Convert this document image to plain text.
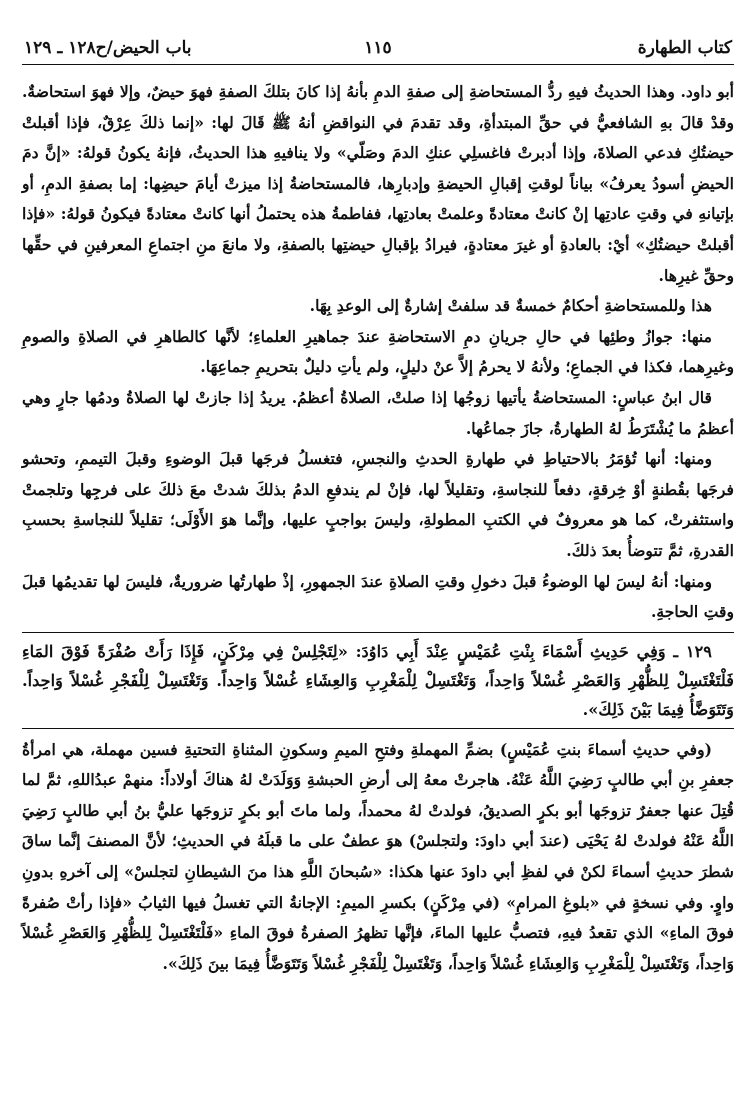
كتاب الطهارة
١١٥
باب الحيض/ح١٢٨ ـ ١٢٩

أبو داود. وهذا الحديثُ فيهِ ردُّ المستحاضةِ إلى صفةِ الدمِ بأنهُ إذا كانَ بتلكَ الصفةِ فهوَ حيضٌ، وإلا فهوَ استحاضةٌ. وقدْ قالَ بهِ الشافعيُّ في حقِّ المبتدأةِ، وقد تقدمَ في النواقضِ أنهُ ﷺ قَالَ لها: «إنما ذلكَ عِرْقٌ، فإذا أقبلتْ حيضتُكِ فدعي الصلاةَ، وإذا أدبرتْ فاغسلِي عنكِ الدمَ وصَلّي» ولا ينافيهِ هذا الحديثُ، فإنهُ يكونُ قولهُ: «إنَّ دمَ الحيضِ أسودُ يعرفُ» بياناً لوقتِ إقبالِ الحيضةِ وإدبارِها، فالمستحاضةُ إذا ميزتْ أيامَ حيضِها: إما بصفةِ الدمِ، أو بإتيانهِ في وقتِ عادتِها إنْ كانتْ معتادةً وعلمتْ بعادتِها، ففاطمةُ هذه يحتملُ أنها كانتْ معتادةً فيكونُ قولهُ: «فإذا أقبلتْ حيضتُكِ» أيْ: بالعادةِ أو غيرَ معتادةٍ، فيرادُ بإقبالِ حيضتِها بالصفةِ، ولا مانعَ منِ اجتماعِ المعرفينِ في حقِّها وحقِّ غيرِها.

هذا وللمستحاضةِ أحكامٌ خمسةٌ قد سلفتْ إشارةٌ إلى الوعدِ بِهَا.

منها: جوازُ وطئِها في حالِ جريانِ دمِ الاستحاضةِ عندَ جماهيرِ العلماءِ؛ لأنَّها كالطاهرِ في الصلاةِ والصومِ وغيرِهما، فكذا في الجماعِ؛ ولأنهُ لا يحرمُ إلاَّ عنْ دليلٍ، ولم يأتِ دليلٌ بتحريمِ جماعِهَا.

قال ابنُ عباسٍ: المستحاضةُ يأتيها زوجُها إذا صلتْ، الصلاةُ أعظمُ. يريدُ إذا جازتْ لها الصلاةُ ودمُها جارٍ وهي أعظمُ ما يُشْتَرَطُ لهُ الطهارةُ، جازَ جماعُها.

ومنها: أنها تُؤمَرُ بالاحتياطِ في طهارةِ الحدثِ والنجسِ، فتغسلُ فرجَها قبلَ الوضوءِ وقبلَ التيممِ، وتحشو فرجَها بقُطنةٍ أوْ خِرقةٍ، دفعاً للنجاسةِ، وتقليلاً لها، فإنْ لم يندفعِ الدمُ بذلكَ شدتْ معَ ذلكَ على فرجِها وتلجمتْ واستثفرتْ، كما هو معروفٌ في الكتبِ المطولةِ، وليسَ بواجبٍ عليها، وإنَّما هوَ الأَوْلَى؛ تقليلاً للنجاسةِ بحسبِ القدرةِ، ثمَّ تتوضأُ بعدَ ذلكَ.

ومنها: أنهُ ليسَ لها الوضوءُ قبلَ دخولِ وقتِ الصلاةِ عندَ الجمهورِ، إذْ طهارتُها ضروريةٌ، فليسَ لها تقديمُها قبلَ وقتِ الحاجةِ.

١٢٩ ـ وَفِي حَدِيثِ أَسْمَاءَ بِنْتِ عُمَيْسٍ عِنْدَ أَبِي دَاوُدَ: «لِتَجْلِسْ فِي مِرْكَنٍ، فَإِذَا رَأَتْ صُفْرَةً فَوْقَ المَاءِ فَلْتَغْتَسِلْ لِلظُّهْرِ وَالعَصْرِ غُسْلاً وَاحِداً، وَتَغْتَسِلْ لِلْمَغْرِبِ وَالعِشَاءِ غُسْلاً وَاحِداً. وَتَغْتَسِلْ لِلْفَجْرِ غُسْلاً وَاحِداً. وَتَتَوَضَّأُ فِيمَا بَيْنَ ذَلِكَ».

(وفي حديثِ أسماءَ بنتِ عُمَيْسٍ) بضمِّ المهملةِ وفتحِ الميمِ وسكونِ المثناةِ التحتيةِ فسين مهملة، هي امرأةُ جعفرِ بنِ أبي طالبٍ رَضِيَ اللَّهُ عَنْهُ. هاجرتْ معهُ إلى أرضِ الحبشةِ وَوَلَدَتْ لهُ هناكَ أولاداً: منهمْ عبدُاللهِ، ثمَّ لما قُتِلَ عنها جعفرٌ تزوجَها أبو بكرٍ الصديقُ، فولدتْ لهُ محمداً، ولما ماتَ أبو بكرٍ تزوجَها عليُّ بنُ أبي طالبٍ رَضِيَ اللَّهُ عَنْهُ فولدتْ لهُ يَحْيَى (عندَ أبي داودَ: ولتجلسْ) هوَ عطفٌ على ما قبلَهُ في الحديثِ؛ لأنَّ المصنفَ إنَّما ساقَ شطرَ حديثِ أسماءَ لكنْ في لفظِ أبي داودَ عنها هكذا: «سُبحانَ اللَّهِ هذا منَ الشيطانِ لتجلسْ» إلى آخرهِ بدونِ واوٍ. وفي نسخةٍ في «بلوغِ المرامِ» (في مِرْكَنٍ) بكسرِ الميمِ: الإجانةُ التي تغسلُ فيها الثيابُ «فإذا رأتْ صُفرةً فوقَ الماءِ» الذي تقعدُ فيهِ، فتصبُّ عليها الماءَ، فإنَّها تظهرُ الصفرةُ فوقَ الماءِ «فَلْتَغْتَسِلْ لِلظُّهْرِ وَالعَصْرِ غُسْلاً وَاحِداً، وَتَغْتَسِلْ لِلْمَغْرِبِ وَالعِشَاءِ غُسْلاً وَاحِداً، وَتَغْتَسِلْ لِلْفَجْرِ غُسْلاً وَتَتَوَضَّأُ فِيمَا بينَ ذَلِكَ».
